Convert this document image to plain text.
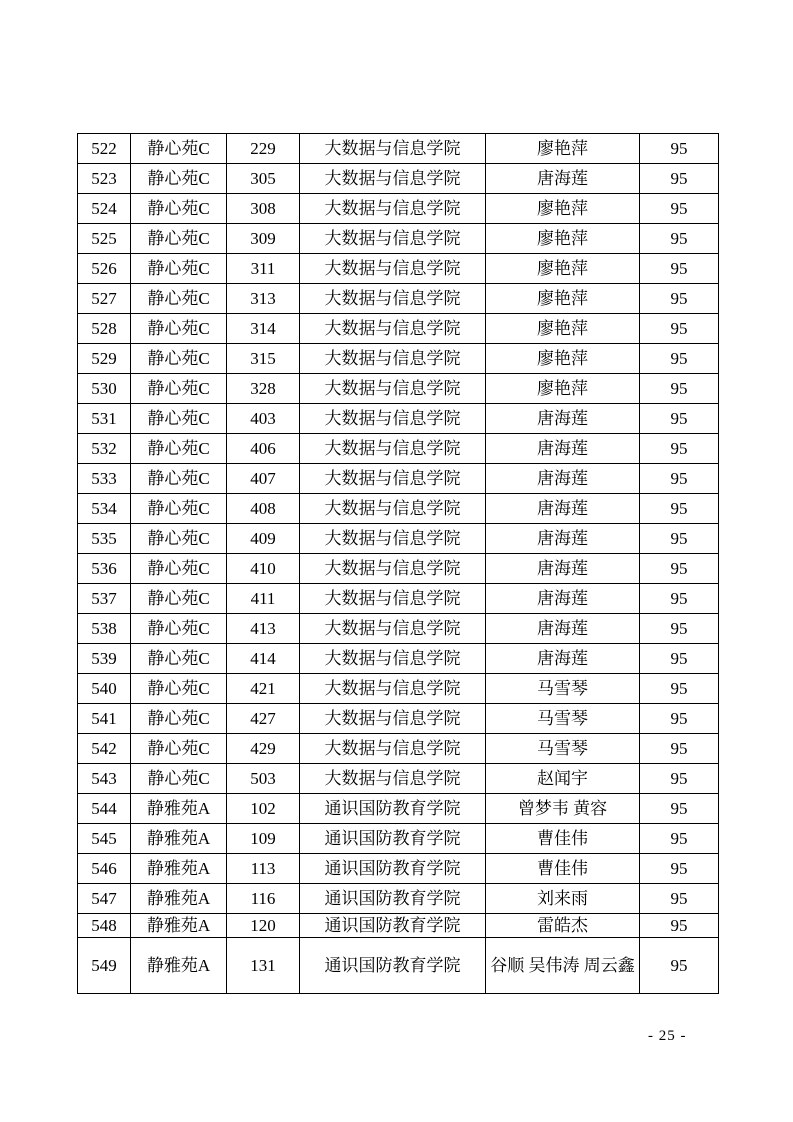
522	静心苑C	229	大数据与信息学院	廖艳萍	95
523	静心苑C	305	大数据与信息学院	唐海莲	95
524	静心苑C	308	大数据与信息学院	廖艳萍	95
525	静心苑C	309	大数据与信息学院	廖艳萍	95
526	静心苑C	311	大数据与信息学院	廖艳萍	95
527	静心苑C	313	大数据与信息学院	廖艳萍	95
528	静心苑C	314	大数据与信息学院	廖艳萍	95
529	静心苑C	315	大数据与信息学院	廖艳萍	95
530	静心苑C	328	大数据与信息学院	廖艳萍	95
531	静心苑C	403	大数据与信息学院	唐海莲	95
532	静心苑C	406	大数据与信息学院	唐海莲	95
533	静心苑C	407	大数据与信息学院	唐海莲	95
534	静心苑C	408	大数据与信息学院	唐海莲	95
535	静心苑C	409	大数据与信息学院	唐海莲	95
536	静心苑C	410	大数据与信息学院	唐海莲	95
537	静心苑C	411	大数据与信息学院	唐海莲	95
538	静心苑C	413	大数据与信息学院	唐海莲	95
539	静心苑C	414	大数据与信息学院	唐海莲	95
540	静心苑C	421	大数据与信息学院	马雪琴	95
541	静心苑C	427	大数据与信息学院	马雪琴	95
542	静心苑C	429	大数据与信息学院	马雪琴	95
543	静心苑C	503	大数据与信息学院	赵闻宇	95
544	静雅苑A	102	通识国防教育学院	曾梦韦 黄容	95
545	静雅苑A	109	通识国防教育学院	曹佳伟	95
546	静雅苑A	113	通识国防教育学院	曹佳伟	95
547	静雅苑A	116	通识国防教育学院	刘来雨	95
548	静雅苑A	120	通识国防教育学院	雷皓杰	95
549	静雅苑A	131	通识国防教育学院	谷顺 吴伟涛 周云鑫	95
- 25 -
